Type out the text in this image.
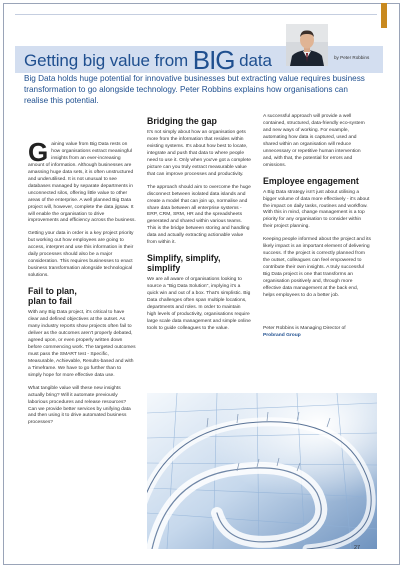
Getting big value from BIG data	by Peter Robbins
Big Data holds huge potential for innovative businesses but extracting value requires business transformation to go alongside technology. Peter Robbins explains how organisations can realise this potential.

Gaining value from Big Data rests on how organisations extract meaningful insights from an ever-increasing amount of information. Although businesses are amassing huge data sets, it is often unstructured and underutilised. It is not unusual to see databases managed by separate departments in unconnected silos, offering little value to other areas of the enterprise. A well planned Big Data project will, however, complete the data jigsaw. It will enable the organisation to drive improvements and efficiency across the business.

Getting your data in order is a key project priority but working out how employees are going to access, interpret and use this information in their daily processes should also be a major consideration. This requires businesses to enact business transformation alongside technological solutions.

Fail to plan,
plan to fail

With any Big Data project, it's critical to have clear and defined objectives at the outset. As many industry reports show projects often fail to deliver as the outcomes aren't properly debated, agreed upon, or even properly written down before commencing work. The targeted outcomes must pass the SMART test - Specific, Measurable, Achievable, Results-based and with a Timeframe. We have to go further than to simply hope for more effective data use.

What tangible value will these new insights actually bring? Will it automate previously laborious procedures and release resources? Can we provide better services by unifying data and then using it to drive automated business processes?

Bridging the gap

It's not simply about how an organisation gets more from the information that resides within existing systems. It's about how best to locate, integrate and push that data to where people need to use it. Only when you've got a complete picture can you truly extract measurable value that can improve processes and productivity.

The approach should aim to overcome the huge disconnect between isolated data islands and create a model that can join up, normalise and share data between all enterprise systems - ERP, CRM, SRM, HR and the spreadsheets generated and shared within various teams. This is the bridge between storing and handling data and actually extracting actionable value from within it.

Simplify, simplify,
simplify

We are all aware of organisations looking to source a "Big Data Solution", implying it's a quick win and out of a box. That's simplistic. Big Data challenges often span multiple locations, departments and roles. In order to maintain high levels of productivity, organisations require large scale data management and simple online tools to guide colleagues to the value.

A successful approach will provide a well contained, structured, data-friendly eco-system and new ways of working. For example, automating how data is captured, used and shared within an organisation will reduce unnecessary or repetitive human intervention and, with that, the potential for errors and omissions.

Employee engagement

A Big Data strategy isn't just about utilising a bigger volume of data more effectively - it's about the impact on daily tasks, routines and workflow. With this in mind, change management is a top priority for any organisation to consider within their project planning.

Keeping people informed about the project and its likely impact is an important element of delivering success. If the project is correctly planned from the outset, colleagues can feel empowered to contribute their own insights. A truly successful Big Data project is one that transforms an organisation positively and, through more effective data management at the back end, helps employees to do a better job.

Peter Robbins is Managing Director of
Probrand Group

27
